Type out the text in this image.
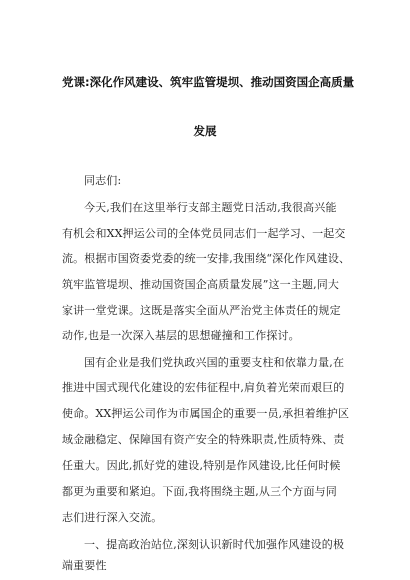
党课:深化作风建设、筑牢监管堤坝、推动国资国企高质量
发展
同志们:
今天,我们在这里举行支部主题党日活动,我很高兴能
有机会和XX押运公司的全体党员同志们一起学习、一起交
流。根据市国资委党委的统一安排,我围绕“深化作风建设、
筑牢监管堤坝、推动国资国企高质量发展”这一主题,同大
家讲一堂党课。这既是落实全面从严治党主体责任的规定
动作,也是一次深入基层的思想碰撞和工作探讨。
国有企业是我们党执政兴国的重要支柱和依靠力量,在
推进中国式现代化建设的宏伟征程中,肩负着光荣而艰巨的
使命。XX押运公司作为市属国企的重要一员,承担着维护区
域金融稳定、保障国有资产安全的特殊职责,性质特殊、责
任重大。因此,抓好党的建设,特别是作风建设,比任何时候
都更为重要和紧迫。下面,我将围绕主题,从三个方面与同
志们进行深入交流。
一、提高政治站位,深刻认识新时代加强作风建设的极
端重要性
